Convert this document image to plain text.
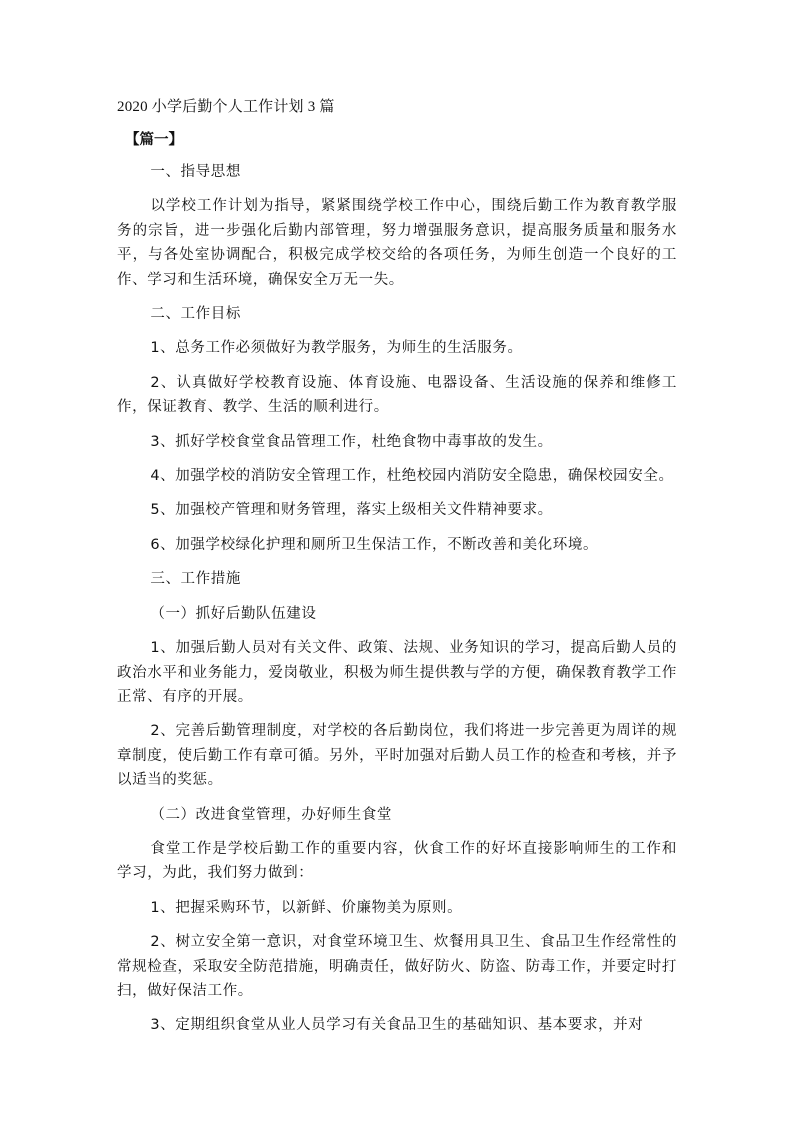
2020 小学后勤个人工作计划 3 篇
【篇一】

一、指导思想

以学校工作计划为指导，紧紧围绕学校工作中心，围绕后勤工作为教育教学服务的宗旨，进一步强化后勤内部管理，努力增强服务意识，提高服务质量和服务水平，与各处室协调配合，积极完成学校交给的各项任务，为师生创造一个良好的工作、学习和生活环境，确保安全万无一失。

二、工作目标

1、总务工作必须做好为教学服务，为师生的生活服务。

2、认真做好学校教育设施、体育设施、电器设备、生活设施的保养和维修工作，保证教育、教学、生活的顺利进行。

3、抓好学校食堂食品管理工作，杜绝食物中毒事故的发生。

4、加强学校的消防安全管理工作，杜绝校园内消防安全隐患，确保校园安全。

5、加强校产管理和财务管理，落实上级相关文件精神要求。

6、加强学校绿化护理和厕所卫生保洁工作，不断改善和美化环境。

三、工作措施

（一）抓好后勤队伍建设

1、加强后勤人员对有关文件、政策、法规、业务知识的学习，提高后勤人员的政治水平和业务能力，爱岗敬业，积极为师生提供教与学的方便，确保教育教学工作正常、有序的开展。

2、完善后勤管理制度，对学校的各后勤岗位，我们将进一步完善更为周详的规章制度，使后勤工作有章可循。另外，平时加强对后勤人员工作的检查和考核，并予以适当的奖惩。

（二）改进食堂管理，办好师生食堂

食堂工作是学校后勤工作的重要内容，伙食工作的好坏直接影响师生的工作和学习，为此，我们努力做到：

1、把握采购环节，以新鲜、价廉物美为原则。

2、树立安全第一意识，对食堂环境卫生、炊餐用具卫生、食品卫生作经常性的常规检查，采取安全防范措施，明确责任，做好防火、防盗、防毒工作，并要定时打扫，做好保洁工作。

3、定期组织食堂从业人员学习有关食品卫生的基础知识、基本要求，并对
